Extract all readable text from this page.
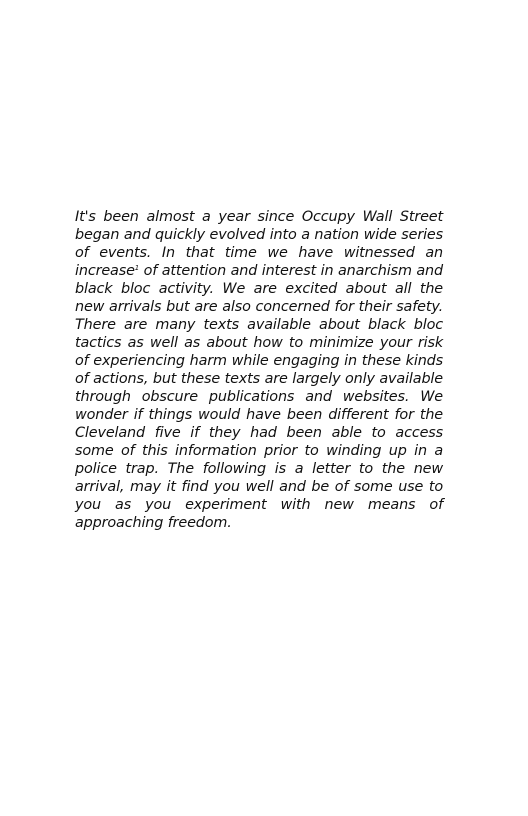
It's been almost a year since Occupy Wall Street began and quickly evolved into a nation wide series of events. In that time we have witnessed an increase$^1$ of attention and interest in anarchism and black bloc activity. We are excited about all the new arrivals but are also concerned for their safety. There are many texts available about black bloc tactics as well as about how to minimize your risk of experiencing harm while engaging in these kinds of actions, but these texts are largely only available through obscure publications and websites. We wonder if things would have been different for the Cleveland five if they had been able to access some of this information prior to winding up in a police trap. The following is a letter to the new arrival, may it find you well and be of some use to you as you experiment with new means of approaching freedom.
